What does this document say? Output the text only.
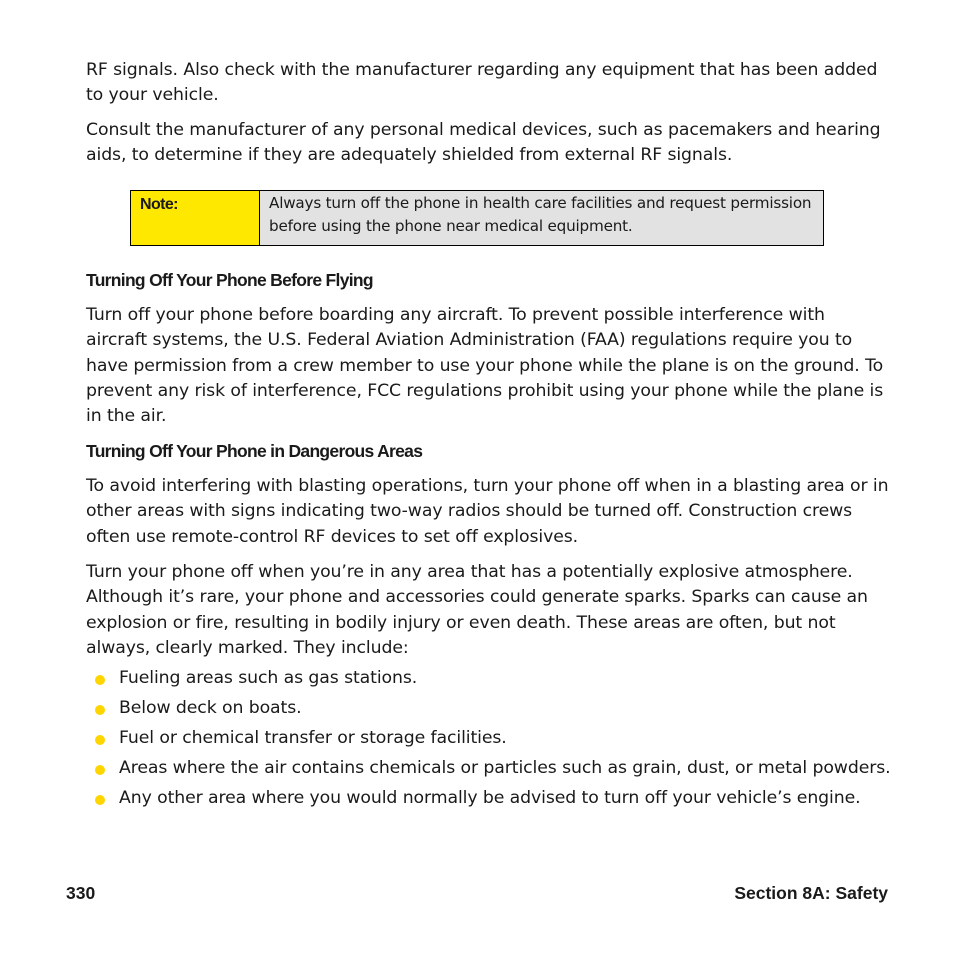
RF signals. Also check with the manufacturer regarding any equipment that has been added to your vehicle.

Consult the manufacturer of any personal medical devices, such as pacemakers and hearing aids, to determine if they are adequately shielded from external RF signals.

Note:	Always turn off the phone in health care facilities and request permission before using the phone near medical equipment.
Turning Off Your Phone Before Flying

Turn off your phone before boarding any aircraft. To prevent possible interference with aircraft systems, the U.S. Federal Aviation Administration (FAA) regulations require you to have permission from a crew member to use your phone while the plane is on the ground. To prevent any risk of interference, FCC regulations prohibit using your phone while the plane is in the air.

Turning Off Your Phone in Dangerous Areas

To avoid interfering with blasting operations, turn your phone off when in a blasting area or in other areas with signs indicating two-way radios should be turned off. Construction crews often use remote-control RF devices to set off explosives.

Turn your phone off when you’re in any area that has a potentially explosive atmosphere. Although it’s rare, your phone and accessories could generate sparks. Sparks can cause an explosion or fire, resulting in bodily injury or even death. These areas are often, but not always, clearly marked. They include:

Fueling areas such as gas stations.
Below deck on boats.
Fuel or chemical transfer or storage facilities.
Areas where the air contains chemicals or particles such as grain, dust, or metal powders.
Any other area where you would normally be advised to turn off your vehicle’s engine.
330	Section 8A: Safety
